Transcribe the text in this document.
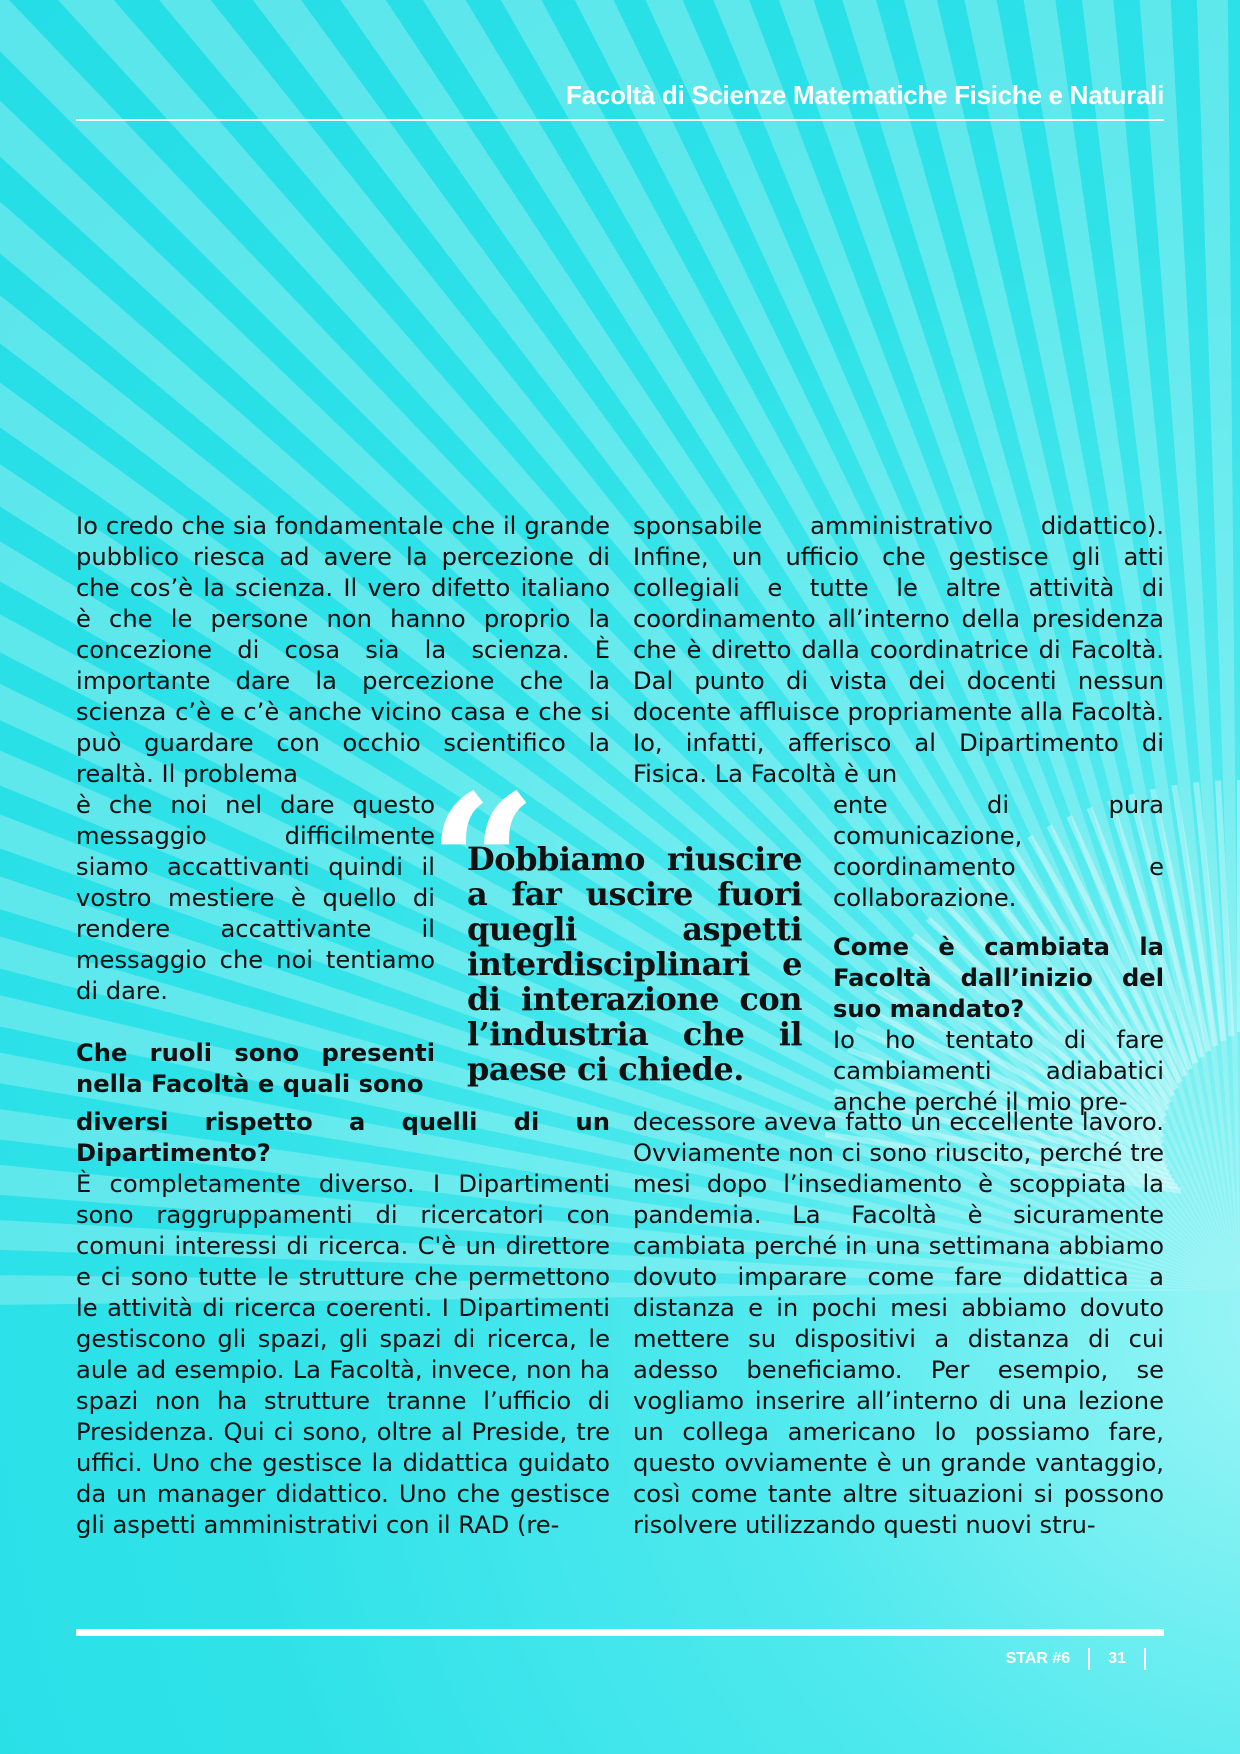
Facoltà di Scienze Matematiche Fisiche e Naturali

Io credo che sia fondamentale che il grande pubblico riesca ad avere la percezione di che cos’è la scienza. Il vero difetto italiano è che le persone non hanno proprio la concezione di cosa sia la scienza. È importante dare la percezione che la scienza c’è e c’è anche vicino casa e che si può guardare con occhio scientifico la realtà. Il problema

è che noi nel dare questo messaggio difficilmente siamo accattivanti quindi il vostro mestiere è quello di rendere accattivante il messaggio che noi tentiamo di dare.

Che ruoli sono presenti nella Facoltà e quali sono
diversi rispetto a quelli di un Dipartimento?

È completamente diverso. I Dipartimenti sono raggruppamenti di ricercatori con comuni interessi di ricerca. C'è un direttore e ci sono tutte le strutture che permettono le attività di ricerca coerenti. I Dipartimenti gestiscono gli spazi, gli spazi di ricerca, le aule ad esempio. La Facoltà, invece, non ha spazi non ha strutture tranne l’ufficio di Presidenza. Qui ci sono, oltre al Preside, tre uffici. Uno che gestisce la didattica guidato da un manager didattico. Uno che gestisce gli aspetti amministrativi con il RAD (re-

sponsabile amministrativo didattico). Infine, un ufficio che gestisce gli atti collegiali e tutte le altre attività di coordinamento all’interno della presidenza che è diretto dalla coordinatrice di Facoltà. Dal punto di vista dei docenti nessun docente affluisce propriamente alla Facoltà. Io, infatti, afferisco al Dipartimento di Fisica. La Facoltà è un

ente di pura comunicazione, coordinamento e collaborazione.

Come è cambiata la Facoltà dall’inizio del suo mandato?

Io ho tentato di fare cambiamenti adiabatici anche perché il mio pre-

decessore aveva fatto un eccellente lavoro. Ovviamente non ci sono riuscito, perché tre mesi dopo l’insediamento è scoppiata la pandemia. La Facoltà è sicuramente cambiata perché in una settimana abbiamo dovuto imparare come fare didattica a distanza e in pochi mesi abbiamo dovuto mettere su dispositivi a distanza di cui adesso beneficiamo. Per esempio, se vogliamo inserire all’interno di una lezione un collega americano lo possiamo fare, questo ovviamente è un grande vantaggio, così come tante altre situazioni si possono risolvere utilizzando questi nuovi stru-

“
Dobbiamo riuscire a far uscire fuori quegli aspetti interdisciplinari e di interazione con l’industria che il paese ci chiede.
STAR #6 31
